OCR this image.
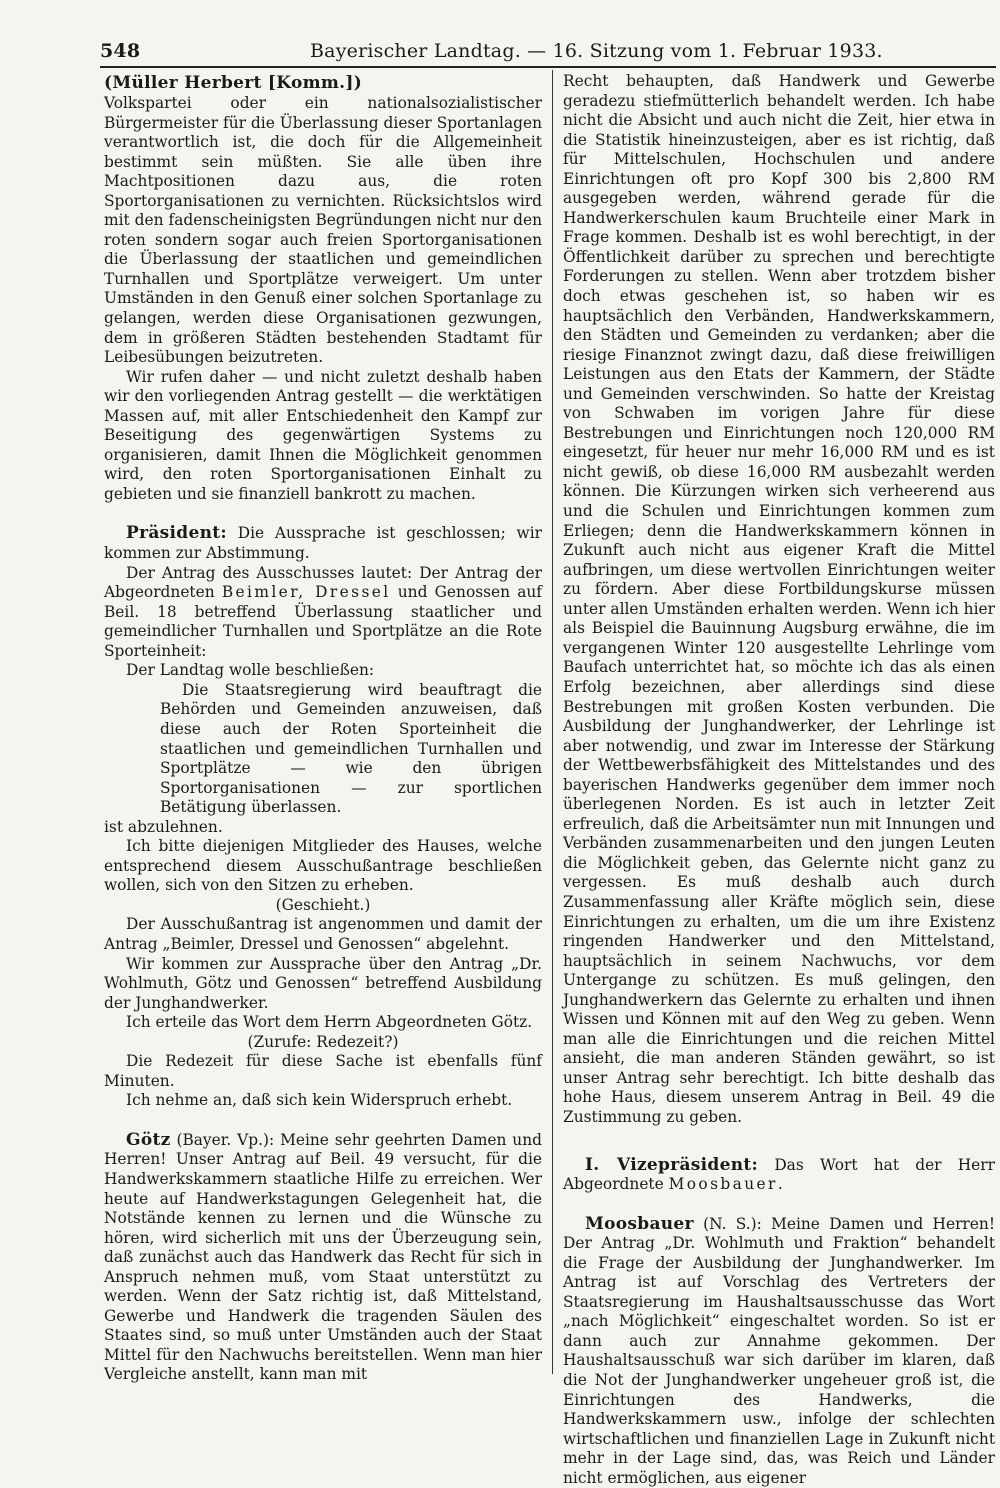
548	Bayerischer Landtag. — 16. Sitzung vom 1. Februar 1933.

(Müller Herbert [Komm.])

Volkspartei oder ein nationalsozialistischer Bürgermeister für die Überlassung dieser Sportanlagen verantwortlich ist, die doch für die Allgemeinheit bestimmt sein müßten. Sie alle üben ihre Machtpositionen dazu aus, die roten Sportorganisationen zu vernichten. Rücksichtslos wird mit den fadenscheinigsten Begründungen nicht nur den roten sondern sogar auch freien Sportorganisationen die Überlassung der staatlichen und gemeindlichen Turnhallen und Sportplätze verweigert. Um unter Umständen in den Genuß einer solchen Sportanlage zu gelangen, werden diese Organisationen gezwungen, dem in größeren Städten bestehenden Stadtamt für Leibesübungen beizutreten.

Wir rufen daher — und nicht zuletzt deshalb haben wir den vorliegenden Antrag gestellt — die werktätigen Massen auf, mit aller Entschiedenheit den Kampf zur Beseitigung des gegenwärtigen Systems zu organisieren, damit Ihnen die Möglichkeit genommen wird, den roten Sportorganisationen Einhalt zu gebieten und sie finanziell bankrott zu machen.

Präsident: Die Aussprache ist geschlossen; wir kommen zur Abstimmung.

Der Antrag des Ausschusses lautet: Der Antrag der Abgeordneten Beimler, Dressel und Genossen auf Beil. 18 betreffend Überlassung staatlicher und gemeindlicher Turnhallen und Sportplätze an die Rote Sporteinheit:

Der Landtag wolle beschließen:

Die Staatsregierung wird beauftragt die Behörden und Gemeinden anzuweisen, daß diese auch der Roten Sporteinheit die staatlichen und gemeindlichen Turnhallen und Sportplätze — wie den übrigen Sportorganisationen — zur sportlichen Betätigung überlassen.

ist abzulehnen.

Ich bitte diejenigen Mitglieder des Hauses, welche entsprechend diesem Ausschußantrage beschließen wollen, sich von den Sitzen zu erheben.

(Geschieht.)

Der Ausschußantrag ist angenommen und damit der Antrag „Beimler, Dressel und Genossen“ abgelehnt.

Wir kommen zur Aussprache über den Antrag „Dr. Wohlmuth, Götz und Genossen“ betreffend Ausbildung der Junghandwerker.

Ich erteile das Wort dem Herrn Abgeordneten Götz.

(Zurufe: Redezeit?)

Die Redezeit für diese Sache ist ebenfalls fünf Minuten.

Ich nehme an, daß sich kein Widerspruch erhebt.

Götz (Bayer. Vp.): Meine sehr geehrten Damen und Herren! Unser Antrag auf Beil. 49 versucht, für die Handwerkskammern staatliche Hilfe zu erreichen. Wer heute auf Handwerkstagungen Gelegenheit hat, die Notstände kennen zu lernen und die Wünsche zu hören, wird sicherlich mit uns der Überzeugung sein, daß zunächst auch das Handwerk das Recht für sich in Anspruch nehmen muß, vom Staat unterstützt zu werden. Wenn der Satz richtig ist, daß Mittelstand, Gewerbe und Handwerk die tragenden Säulen des Staates sind, so muß unter Umständen auch der Staat Mittel für den Nachwuchs bereitstellen. Wenn man hier Vergleiche anstellt, kann man mit

Recht behaupten, daß Handwerk und Gewerbe geradezu stiefmütterlich behandelt werden. Ich habe nicht die Absicht und auch nicht die Zeit, hier etwa in die Statistik hineinzusteigen, aber es ist richtig, daß für Mittelschulen, Hochschulen und andere Einrichtungen oft pro Kopf 300 bis 2,800 RM ausgegeben werden, während gerade für die Handwerkerschulen kaum Bruchteile einer Mark in Frage kommen. Deshalb ist es wohl berechtigt, in der Öffentlichkeit darüber zu sprechen und berechtigte Forderungen zu stellen. Wenn aber trotzdem bisher doch etwas geschehen ist, so haben wir es hauptsächlich den Verbänden, Handwerkskammern, den Städten und Gemeinden zu verdanken; aber die riesige Finanznot zwingt dazu, daß diese freiwilligen Leistungen aus den Etats der Kammern, der Städte und Gemeinden verschwinden. So hatte der Kreistag von Schwaben im vorigen Jahre für diese Bestrebungen und Einrichtungen noch 120,000 RM eingesetzt, für heuer nur mehr 16,000 RM und es ist nicht gewiß, ob diese 16,000 RM ausbezahlt werden können. Die Kürzungen wirken sich verheerend aus und die Schulen und Einrichtungen kommen zum Erliegen; denn die Handwerkskammern können in Zukunft auch nicht aus eigener Kraft die Mittel aufbringen, um diese wertvollen Einrichtungen weiter zu fördern. Aber diese Fortbildungskurse müssen unter allen Umständen erhalten werden. Wenn ich hier als Beispiel die Bauinnung Augsburg erwähne, die im vergangenen Winter 120 ausgestellte Lehrlinge vom Baufach unterrichtet hat, so möchte ich das als einen Erfolg bezeichnen, aber allerdings sind diese Bestrebungen mit großen Kosten verbunden. Die Ausbildung der Junghandwerker, der Lehrlinge ist aber notwendig, und zwar im Interesse der Stärkung der Wettbewerbsfähigkeit des Mittelstandes und des bayerischen Handwerks gegenüber dem immer noch überlegenen Norden. Es ist auch in letzter Zeit erfreulich, daß die Arbeitsämter nun mit Innungen und Verbänden zusammenarbeiten und den jungen Leuten die Möglichkeit geben, das Gelernte nicht ganz zu vergessen. Es muß deshalb auch durch Zusammenfassung aller Kräfte möglich sein, diese Einrichtungen zu erhalten, um die um ihre Existenz ringenden Handwerker und den Mittelstand, hauptsächlich in seinem Nachwuchs, vor dem Untergange zu schützen. Es muß gelingen, den Junghandwerkern das Gelernte zu erhalten und ihnen Wissen und Können mit auf den Weg zu geben. Wenn man alle die Einrichtungen und die reichen Mittel ansieht, die man anderen Ständen gewährt, so ist unser Antrag sehr berechtigt. Ich bitte deshalb das hohe Haus, diesem unserem Antrag in Beil. 49 die Zustimmung zu geben.

I. Vizepräsident: Das Wort hat der Herr Abgeordnete Moosbauer.

Moosbauer (N. S.): Meine Damen und Herren! Der Antrag „Dr. Wohlmuth und Fraktion“ behandelt die Frage der Ausbildung der Junghandwerker. Im Antrag ist auf Vorschlag des Vertreters der Staatsregierung im Haushaltsausschusse das Wort „nach Möglichkeit“ eingeschaltet worden. So ist er dann auch zur Annahme gekommen. Der Haushaltsausschuß war sich darüber im klaren, daß die Not der Junghandwerker ungeheuer groß ist, die Einrichtungen des Handwerks, die Handwerkskammern usw., infolge der schlechten wirtschaftlichen und finanziellen Lage in Zukunft nicht mehr in der Lage sind, das, was Reich und Länder nicht ermöglichen, aus eigener
